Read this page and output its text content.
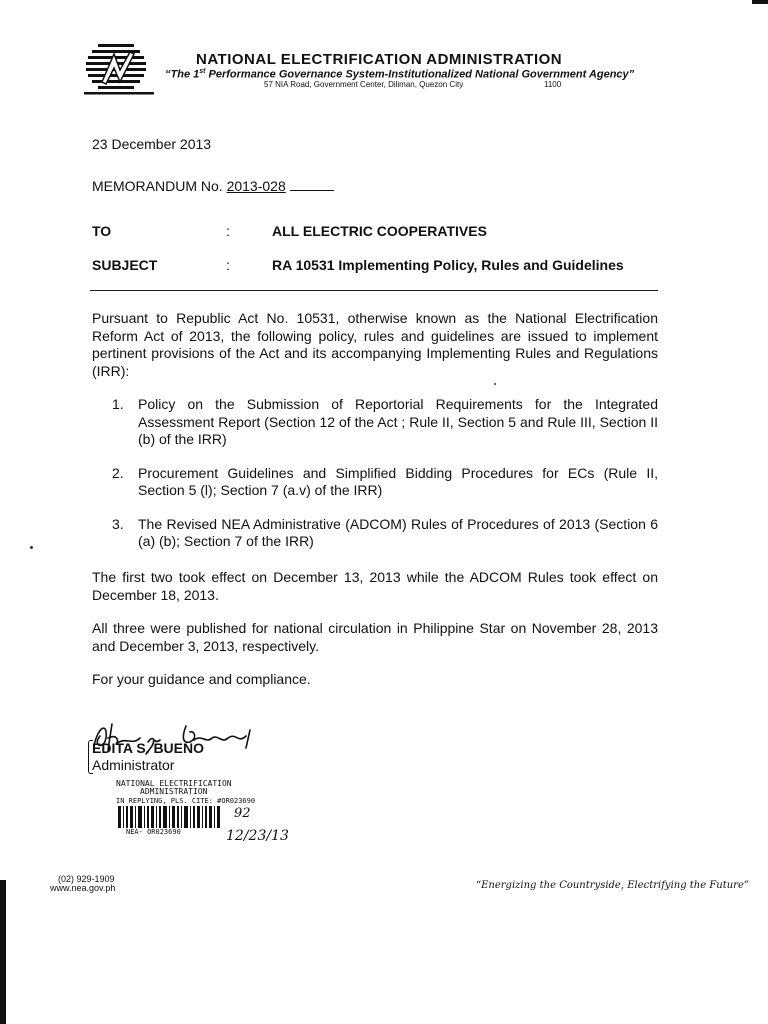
NATIONAL ELECTRIFICATION ADMINISTRATION
“The 1st Performance Governance System-Institutionalized National Government Agency”
57 NIA Road, Government Center, Diliman, Quezon City	1100
23 December 2013
MEMORANDUM No. 2013-028
TO	:	ALL ELECTRIC COOPERATIVES
SUBJECT	:	RA 10531 Implementing Policy, Rules and Guidelines
Pursuant to Republic Act No. 10531, otherwise known as the National Electrification Reform Act of 2013, the following policy, rules and guidelines are issued to implement pertinent provisions of the Act and its accompanying Implementing Rules and Regulations (IRR):
1. Policy on the Submission of Reportorial Requirements for the Integrated Assessment Report (Section 12 of the Act ; Rule II, Section 5 and Rule III, Section II (b) of the IRR)
2. Procurement Guidelines and Simplified Bidding Procedures for ECs (Rule II, Section 5 (l); Section 7 (a.v) of the IRR)
3. The Revised NEA Administrative (ADCOM) Rules of Procedures of 2013 (Section 6 (a) (b); Section 7 of the IRR)
The first two took effect on December 13, 2013 while the ADCOM Rules took effect on December 18, 2013.
All three were published for national circulation in Philippine Star on November 28, 2013 and December 3, 2013, respectively.
For your guidance and compliance.
EDITA S. BUENO
Administrator
NATIONAL ELECTRIFICATION
ADMINISTRATION
IN REPLYING, PLS. CITE: #OR023690
NEA- OR023690
92
12/23/13
(02) 929-1909
www.nea.gov.ph	“Energizing the Countryside, Electrifying the Future”
